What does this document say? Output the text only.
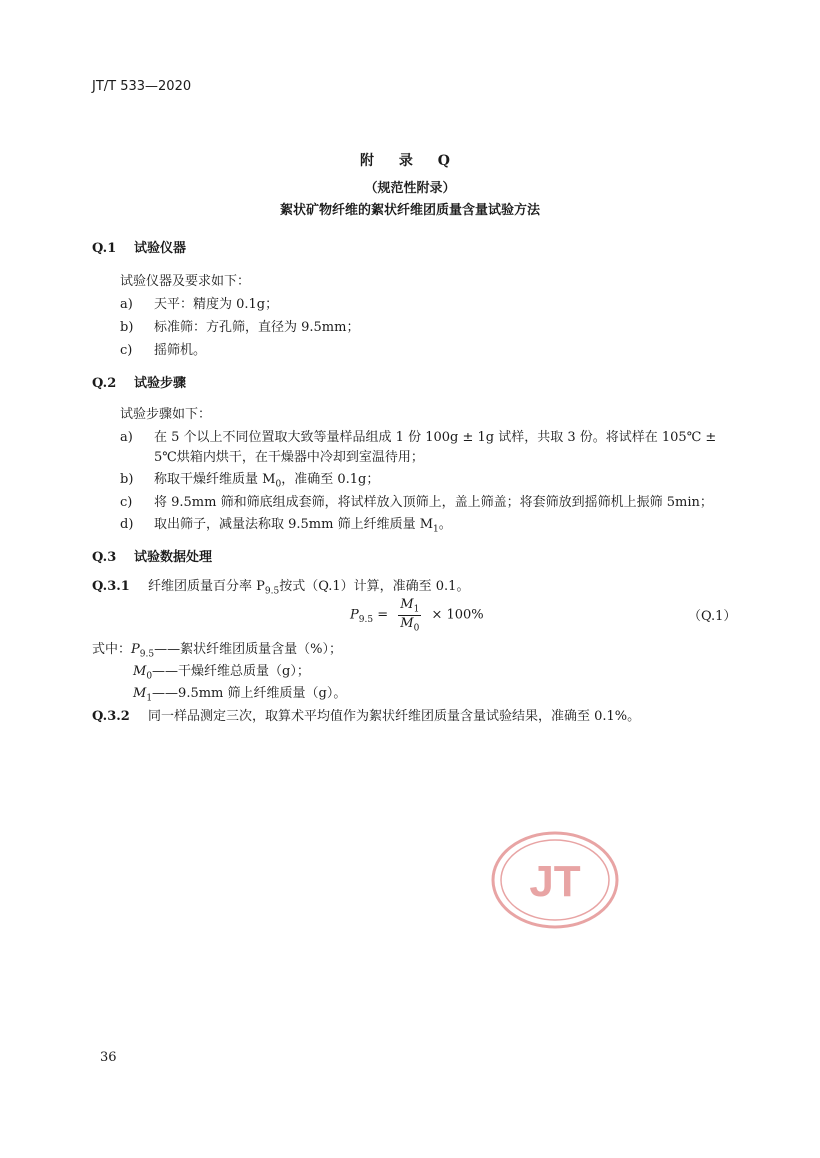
JT/T 533—2020
附 录 Q
（规范性附录）
絮状矿物纤维的絮状纤维团质量含量试验方法
Q.1 试验仪器
试验仪器及要求如下：
a) 天平：精度为 0.1g；
b) 标准筛：方孔筛，直径为 9.5mm；
c) 摇筛机。
Q.2 试验步骤
试验步骤如下：
a) 在 5 个以上不同位置取大致等量样品组成 1 份 100g ± 1g 试样，共取 3 份。将试样在 105℃ ±
5℃烘箱内烘干，在干燥器中冷却到室温待用；
b) 称取干燥纤维质量 $M_0$，准确至 0.1g；
c) 将 9.5mm 筛和筛底组成套筛，将试样放入顶筛上，盖上筛盖；将套筛放到摇筛机上振筛 5min；
d) 取出筛子，减量法称取 9.5mm 筛上纤维质量 $M_1$。
Q.3 试验数据处理
Q.3.1 纤维团质量百分率 $P_{9.5}$按式（Q.1）计算，准确至 0.1。
$P_{9.5} = \frac{M_1}{M_0} \times 100\%$	（Q.1）
式中：$P_{9.5}——$絮状纤维团质量含量（%）；
$M_0——$干燥纤维总质量（g）；
$M_1——9.5mm$ 筛上纤维质量（g）。
Q.3.2 同一样品测定三次，取算术平均值作为絮状纤维团质量含量试验结果，准确至 0.1%。
JT
36
